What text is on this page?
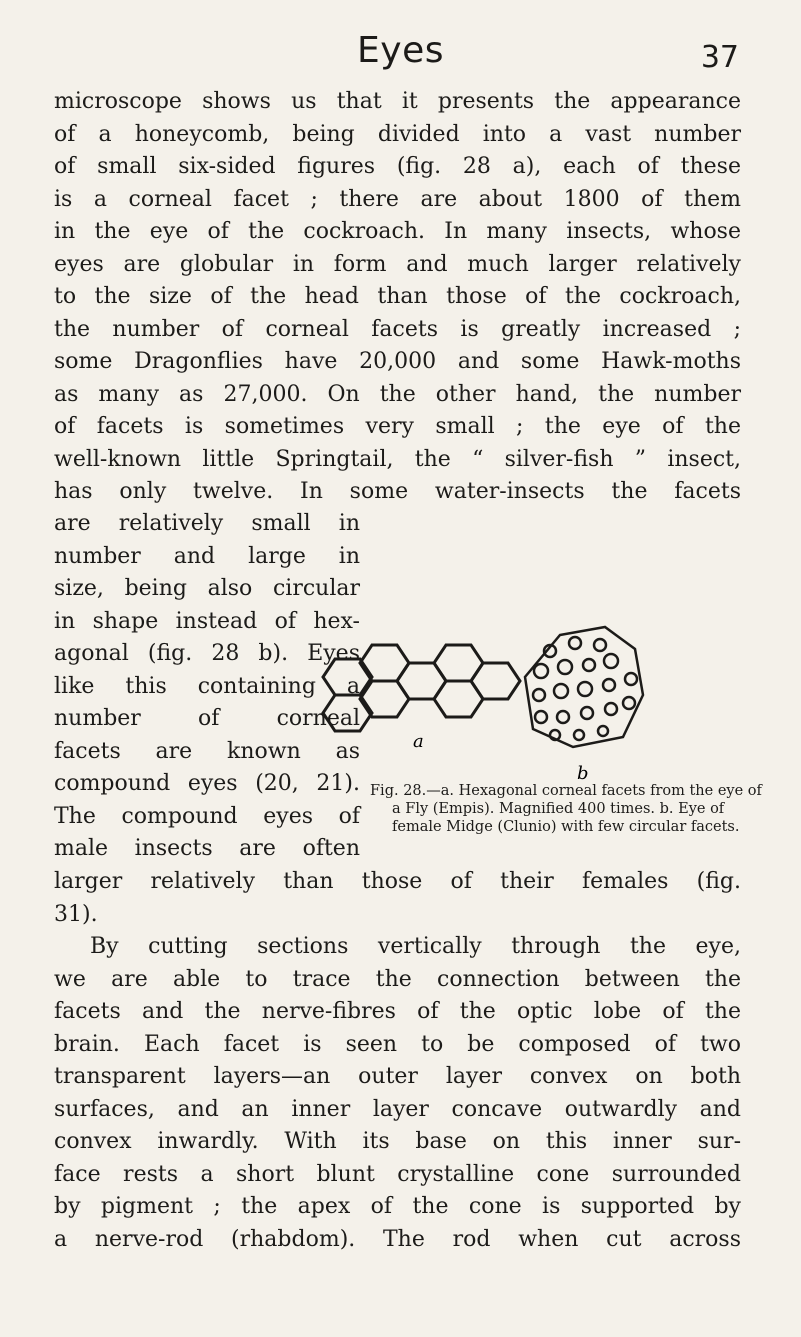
Eyes	37
microscope shows us that it presents the appearance
of a honeycomb, being divided into a vast number
of small six-sided figures (fig. 28 a), each of these
is a corneal facet ; there are about 1800 of them
in the eye of the cockroach. In many insects, whose
eyes are globular in form and much larger relatively
to the size of the head than those of the cockroach,
the number of corneal facets is greatly increased ;
some Dragonflies have 20,000 and some Hawk-moths
as many as 27,000. On the other hand, the number
of facets is sometimes very small ; the eye of the
well-known little Springtail, the “ silver-fish ” insect,
has only twelve. In some water-insects the facets
are relatively small in
number and large in
size, being also circular
in shape instead of hex-
agonal (fig. 28 b). Eyes
like this containing a
number of corneal
facets are known as
compound eyes (20, 21).
The compound eyes of
male insects are often
larger relatively than those of their females (fig.
31).
By cutting sections vertically through the eye,
we are able to trace the connection between the
facets and the nerve-fibres of the optic lobe of the
brain. Each facet is seen to be composed of two
transparent layers—an outer layer convex on both
surfaces, and an inner layer concave outwardly and
convex inwardly. With its base on this inner sur-
face rests a short blunt crystalline cone surrounded
by pigment ; the apex of the cone is supported by
a nerve-rod (rhabdom). The rod when cut across
a
b
Fig. 28.—a. Hexagonal corneal facets from the eye of a Fly (Empis). Magnified 400 times. b. Eye of female Midge (Clunio) with few circular facets.
